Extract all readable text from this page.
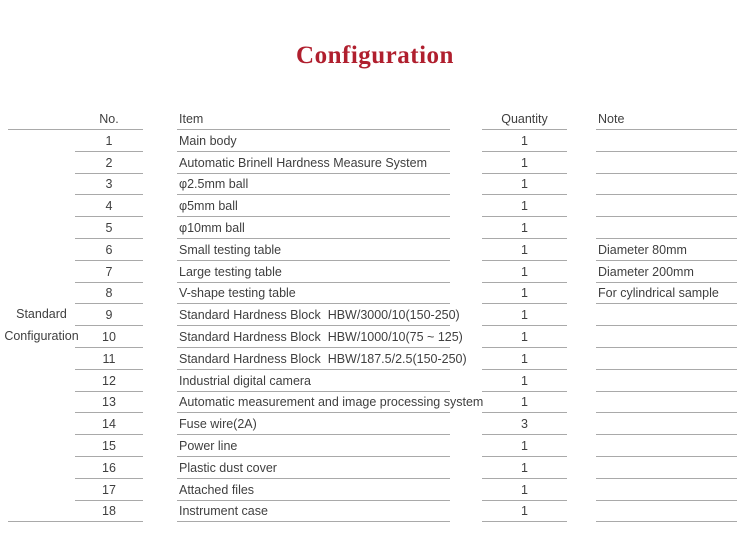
Configuration
Standard Configuration
No.	Item	Quantity	Note
1	Main body	1
2	Automatic Brinell Hardness Measure System	1
3	φ2.5mm ball	1
4	φ5mm ball	1
5	φ10mm ball	1
6	Small testing table	1	Diameter 80mm
7	Large testing table	1	Diameter 200mm
8	V-shape testing table	1	For cylindrical sample
9	Standard Hardness Block  HBW/3000/10(150-250)	1
10	Standard Hardness Block  HBW/1000/10(75 ~ 125)	1
11	Standard Hardness Block  HBW/187.5/2.5(150-250)	1
12	Industrial digital camera	1
13	Automatic measurement and image processing system	1
14	Fuse wire(2A)	3
15	Power line	1
16	Plastic dust cover	1
17	Attached files	1
18	Instrument case	1
